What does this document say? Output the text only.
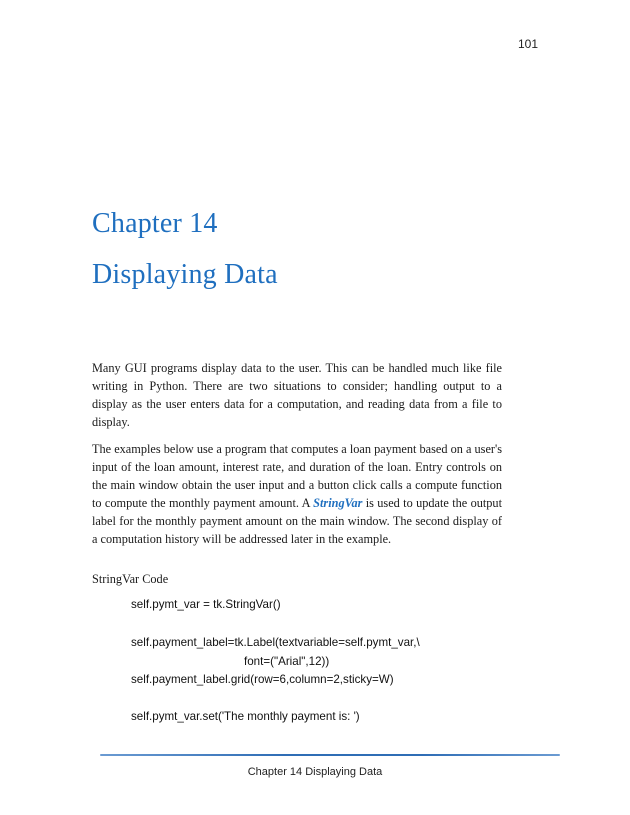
101
Chapter 14
Displaying Data
Many GUI programs display data to the user. This can be handled much like file writing in Python. There are two situations to consider; handling output to a display as the user enters data for a computation, and reading data from a file to display.
The examples below use a program that computes a loan payment based on a user's input of the loan amount, interest rate, and duration of the loan. Entry controls on the main window obtain the user input and a button click calls a compute function to compute the monthly payment amount. A StringVar is used to update the output label for the monthly payment amount on the main window. The second display of a computation history will be addressed later in the example.
StringVar Code
self.pymt_var = tk.StringVar()
self.payment_label=tk.Label(textvariable=self.pymt_var,\
font=("Arial",12))
self.payment_label.grid(row=6,column=2,sticky=W)
self.pymt_var.set('The monthly payment is: ')
Chapter 14 Displaying Data
